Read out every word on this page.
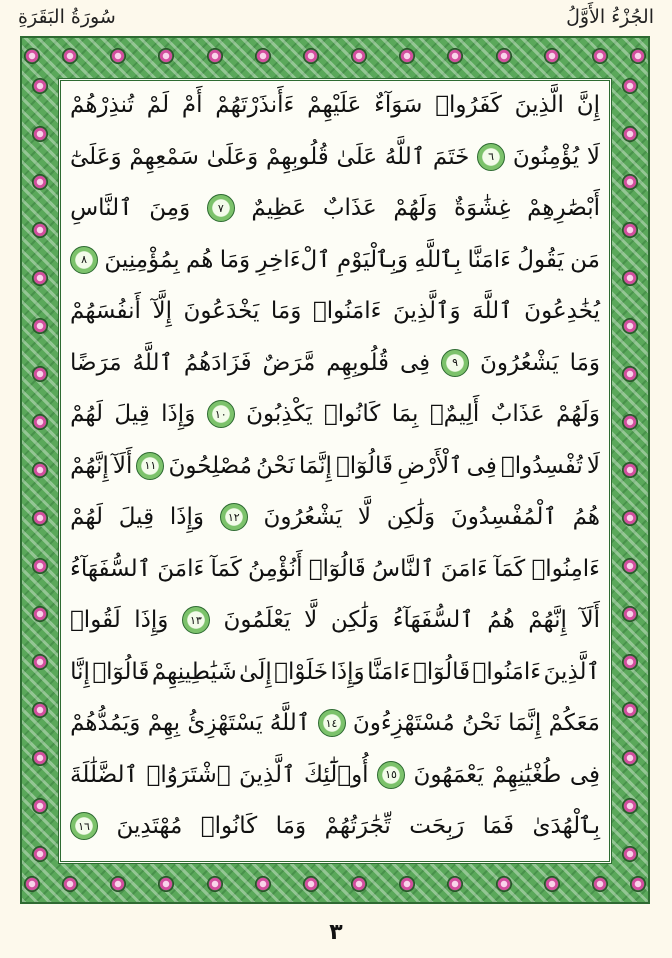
سُورَةُ البَقَرَةِ	الجُزْءُ الأَوَّلُ
إِنَّ
الَّذِينَ
كَفَرُوا۟
سَوَآءٌ
عَلَيْهِمْ
ءَأَنذَرْتَهُمْ
أَمْ
لَمْ
تُنذِرْهُمْ
لَا
يُؤْمِنُونَ
٦
خَتَمَ
ٱللَّهُ
عَلَىٰ
قُلُوبِهِمْ
وَعَلَىٰ
سَمْعِهِمْ
وَعَلَىٰٓ
أَبْصَٰرِهِمْ
غِشَٰوَةٌ
وَلَهُمْ
عَذَابٌ
عَظِيمٌ
٧
وَمِنَ
ٱلنَّاسِ
مَن
يَقُولُ
ءَامَنَّا
بِٱللَّهِ
وَبِٱلْيَوْمِ
ٱلْءَاخِرِ
وَمَا
هُم
بِمُؤْمِنِينَ
٨
يُخَٰدِعُونَ
ٱللَّهَ
وَٱلَّذِينَ
ءَامَنُوا۟
وَمَا
يَخْدَعُونَ
إِلَّآ
أَنفُسَهُمْ
وَمَا
يَشْعُرُونَ
٩
فِى
قُلُوبِهِم
مَّرَضٌ
فَزَادَهُمُ
ٱللَّهُ
مَرَضًا
وَلَهُمْ
عَذَابٌ
أَلِيمٌۢ
بِمَا
كَانُوا۟
يَكْذِبُونَ
١٠
وَإِذَا
قِيلَ
لَهُمْ
لَا
تُفْسِدُوا۟
فِى
ٱلْأَرْضِ
قَالُوٓا۟
إِنَّمَا
نَحْنُ
مُصْلِحُونَ
١١
أَلَآ
إِنَّهُمْ
هُمُ
ٱلْمُفْسِدُونَ
وَلَٰكِن
لَّا
يَشْعُرُونَ
١٢
وَإِذَا
قِيلَ
لَهُمْ
ءَامِنُوا۟
كَمَآ
ءَامَنَ
ٱلنَّاسُ
قَالُوٓا۟
أَنُؤْمِنُ
كَمَآ
ءَامَنَ
ٱلسُّفَهَآءُ
أَلَآ
إِنَّهُمْ
هُمُ
ٱلسُّفَهَآءُ
وَلَٰكِن
لَّا
يَعْلَمُونَ
١٣
وَإِذَا
لَقُوا۟
ٱلَّذِينَ
ءَامَنُوا۟
قَالُوٓا۟
ءَامَنَّا
وَإِذَا
خَلَوْا۟
إِلَىٰ
شَيَٰطِينِهِمْ
قَالُوٓا۟
إِنَّا
مَعَكُمْ
إِنَّمَا
نَحْنُ
مُسْتَهْزِءُونَ
١٤
ٱللَّهُ
يَسْتَهْزِئُ
بِهِمْ
وَيَمُدُّهُمْ
فِى
طُغْيَٰنِهِمْ
يَعْمَهُونَ
١٥
أُو۟لَٰٓئِكَ
ٱلَّذِينَ
ٱشْتَرَوُا۟
ٱلضَّلَٰلَةَ
بِٱلْهُدَىٰ
فَمَا
رَبِحَت
تِّجَٰرَتُهُمْ
وَمَا
كَانُوا۟
مُهْتَدِينَ
١٦
٣
